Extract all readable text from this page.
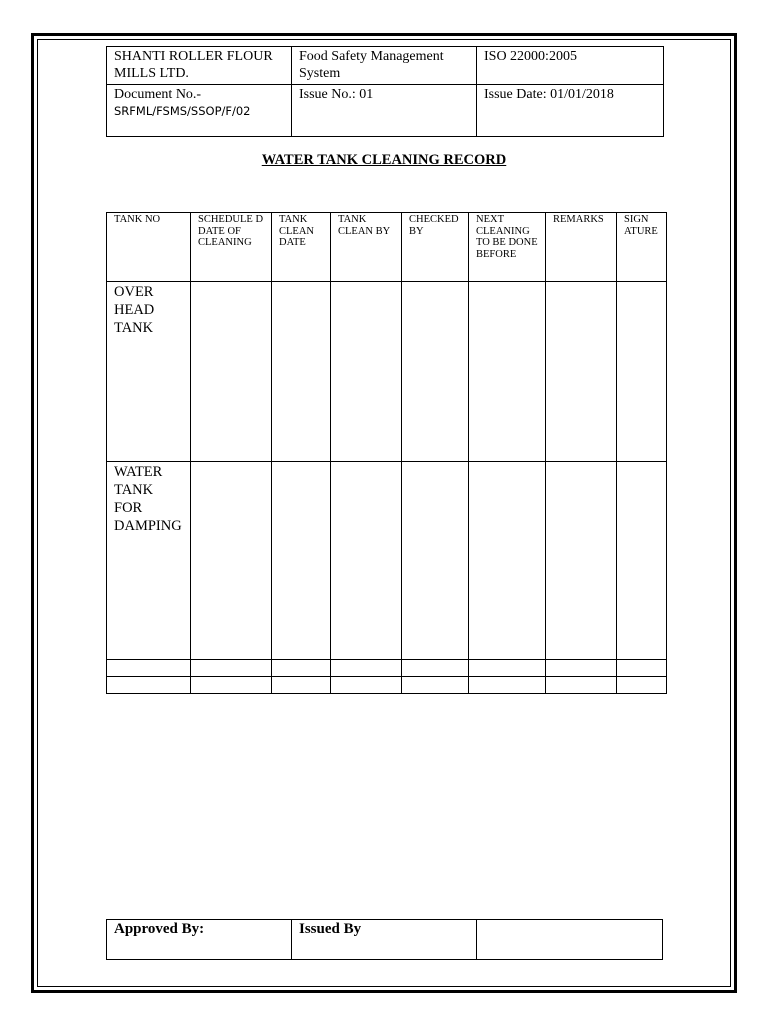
SHANTI ROLLER FLOUR MILLS LTD.	Food Safety Management System	ISO 22000:2005

Document No.-
SRFML/FSMS/SSOP/F/02	Issue No.: 01	Issue Date: 01/01/2018
WATER TANK CLEANING RECORD
TANK NO	SCHEDULE D DATE OF CLEANING	TANK CLEAN DATE	TANK CLEAN BY	CHECKED BY	NEXT CLEANING TO BE DONE BEFORE	REMARKS	SIGN ATURE
OVER HEAD TANK							
WATER TANK FOR DAMPING							

Approved By:	Issued By	
